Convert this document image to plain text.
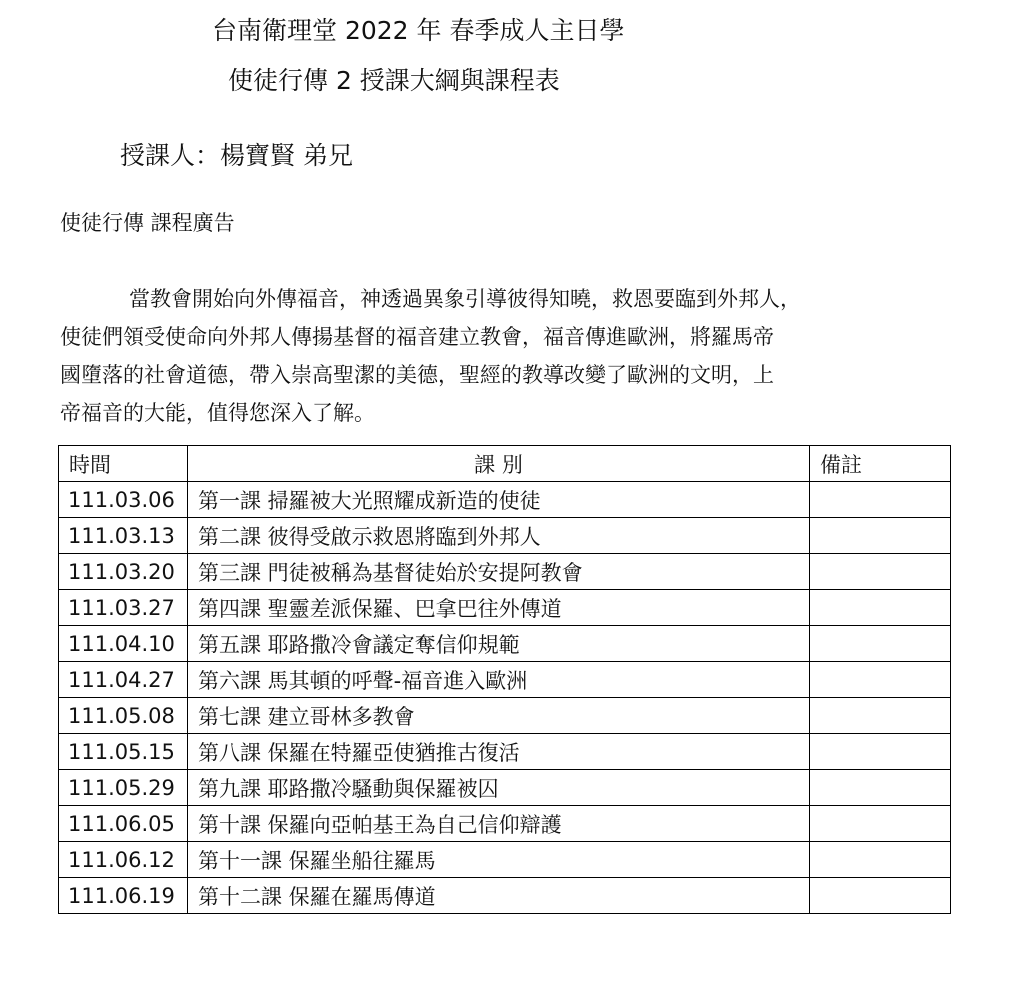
台南衛理堂 2022 年 春季成人主日學
使徒行傳 2 授課大綱與課程表
授課人：楊寶賢 弟兄
使徒行傳 課程廣告
當教會開始向外傳福音，神透過異象引導彼得知曉，救恩要臨到外邦人，
使徒們領受使命向外邦人傳揚基督的福音建立教會，福音傳進歐洲，將羅馬帝
國墮落的社會道德，帶入崇高聖潔的美德，聖經的教導改變了歐洲的文明，上
帝福音的大能，值得您深入了解。
時間	課 別	備註
111.03.06	第一課 掃羅被大光照耀成新造的使徒	
111.03.13	第二課 彼得受啟示救恩將臨到外邦人	
111.03.20	第三課 門徒被稱為基督徒始於安提阿教會	
111.03.27	第四課 聖靈差派保羅、巴拿巴往外傳道	
111.04.10	第五課 耶路撒冷會議定奪信仰規範	
111.04.27	第六課 馬其頓的呼聲-福音進入歐洲	
111.05.08	第七課 建立哥林多教會	
111.05.15	第八課 保羅在特羅亞使猶推古復活	
111.05.29	第九課 耶路撒冷騷動與保羅被囚	
111.06.05	第十課 保羅向亞帕基王為自己信仰辯護	
111.06.12	第十一課 保羅坐船往羅馬	
111.06.19	第十二課 保羅在羅馬傳道	
